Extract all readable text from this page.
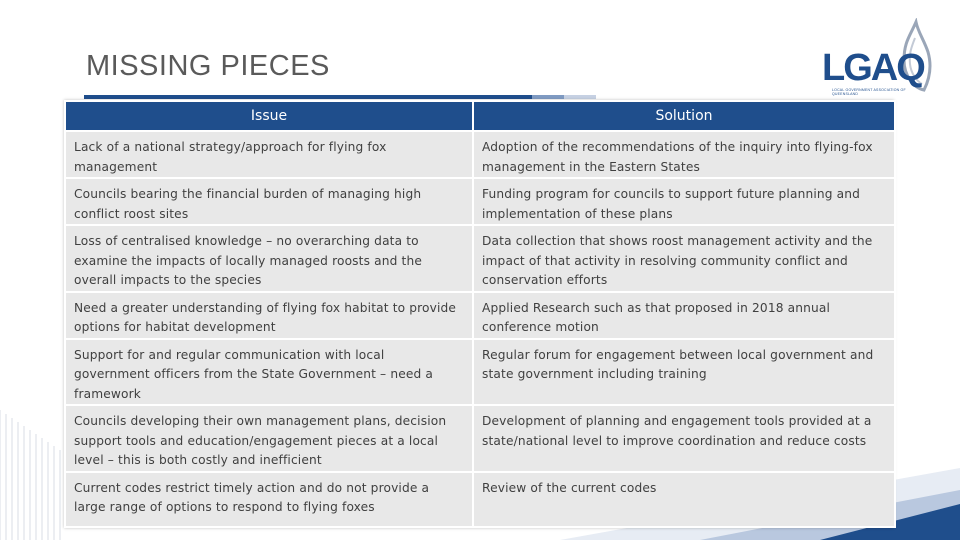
MISSING PIECES	LGAQ
LOCAL GOVERNMENT ASSOCIATION OF QUEENSLAND
Issue	Solution
Lack of a national strategy/approach for flying fox management	Adoption of the recommendations of the inquiry into flying-fox management in the Eastern States
Councils bearing the financial burden of managing high conflict roost sites	Funding program for councils to support future planning and implementation of these plans
Loss of centralised knowledge – no overarching data to examine the impacts of locally managed roosts and the overall impacts to the species	Data collection that shows roost management activity and the impact of that activity in resolving community conflict and conservation efforts
Need a greater understanding of flying fox habitat to provide options for habitat development	Applied Research such as that proposed in 2018 annual conference motion
Support for and regular communication with local government officers from the State Government – need a framework	Regular forum for engagement between local government and state government including training
Councils developing their own management plans, decision support tools and education/engagement pieces at a local level – this is both costly and inefficient	Development of planning and engagement tools provided at a state/national level to improve coordination and reduce costs
Current codes restrict timely action and do not provide a large range of options to respond to flying foxes	Review of the current codes
